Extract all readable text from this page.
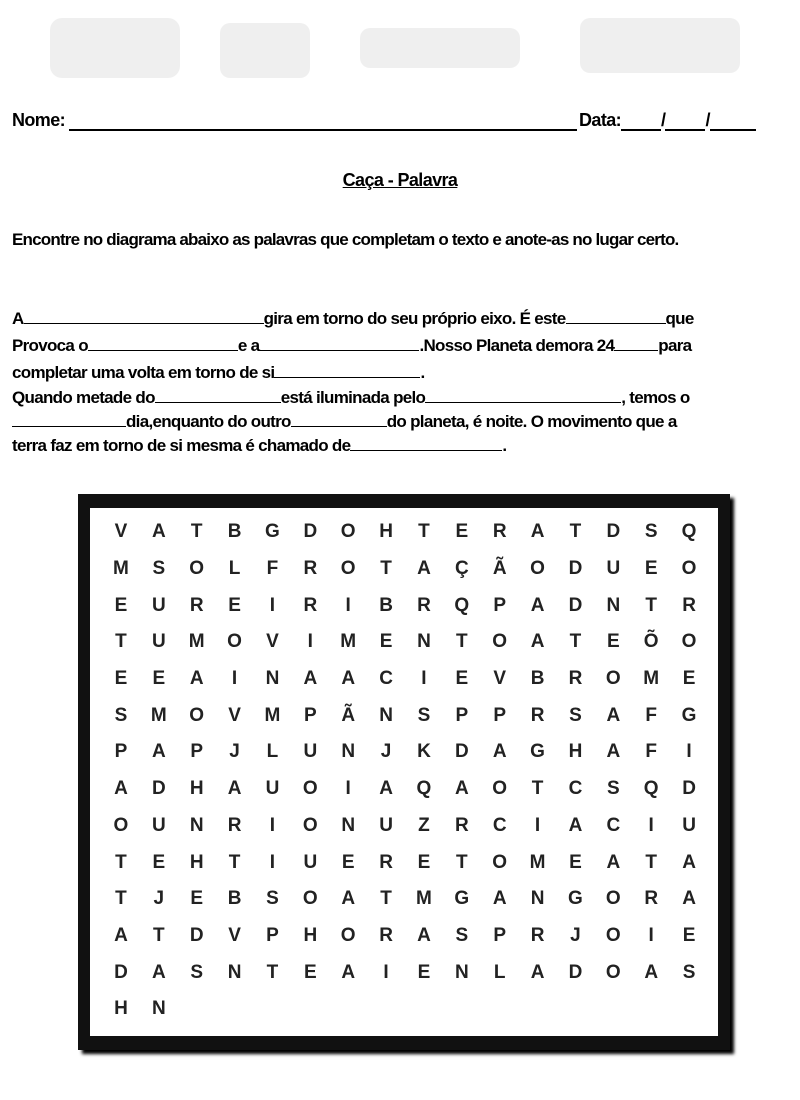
Nome:	Data: / /
Caça - Palavra
Encontre no diagrama abaixo as palavras que completam o texto e anote-as no lugar certo.
A	gira em torno do seu próprio eixo. É este	que
Provoca o	e a	.Nosso Planeta demora 24	para
completar uma volta em torno de si	.
Quando metade do	está iluminada pelo	, temos o
dia,enquanto do outro	do planeta, é noite. O movimento que a
terra faz em torno de si mesma é chamado de	.
V	A	T	B	G	D	O	H	T	E	R	A	T	D	S	Q
M	S	O	L	F	R	O	T	A	Ç	Ã	O	D	U	E	O
E	U	R	E	I	R	I	B	R	Q	P	A	D	N	T	R
T	U	M	O	V	I	M	E	N	T	O	A	T	E	Õ	O
E	E	A	I	N	A	A	C	I	E	V	B	R	O	M	E
S	M	O	V	M	P	Ã	N	S	P	P	R	S	A	F	G
P	A	P	J	L	U	N	J	K	D	A	G	H	A	F	I
A	D	H	A	U	O	I	A	Q	A	O	T	C	S	Q	D
O	U	N	R	I	O	N	U	Z	R	C	I	A	C	I	U
T	E	H	T	I	U	E	R	E	T	O	M	E	A	T	A
T	J	E	B	S	O	A	T	M	G	A	N	G	O	R	A
A	T	D	V	P	H	O	R	A	S	P	R	J	O	I	E
D	A	S	N	T	E	A	I	E	N	L	A	D	O	A	S
H	N
